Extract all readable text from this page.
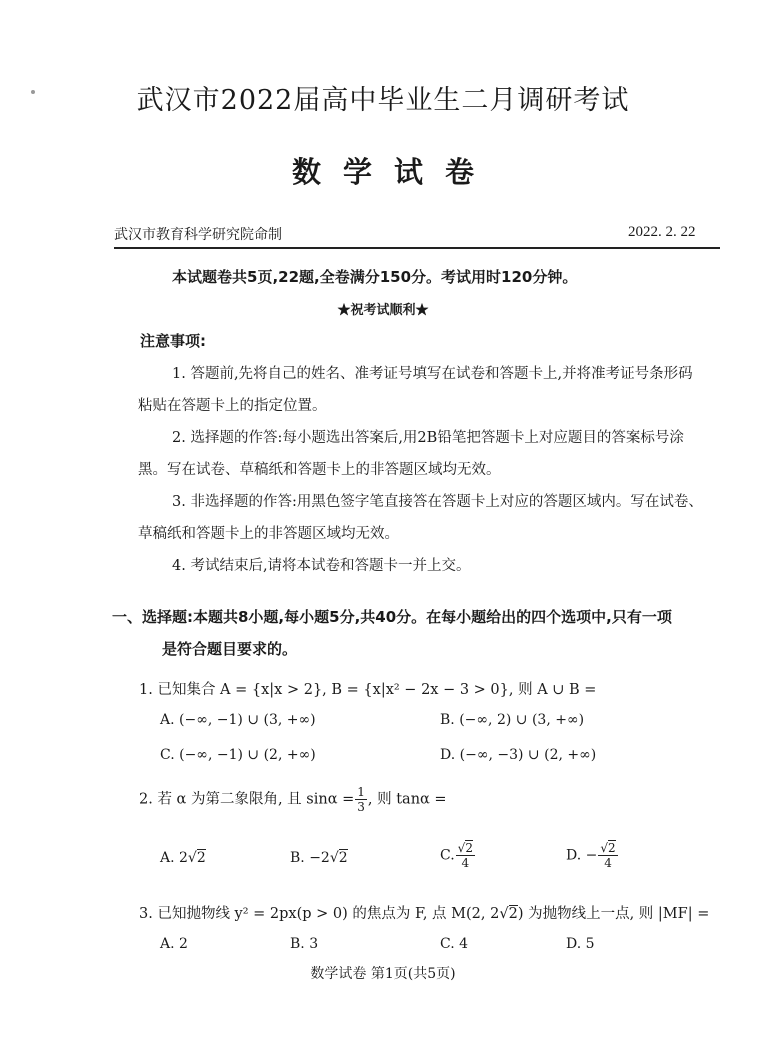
武汉市2022届高中毕业生二月调研考试
数学试卷
武汉市教育科学研究院命制	2022. 2. 22
本试题卷共5页,22题,全卷满分150分。考试用时120分钟。
★祝考试顺利★
注意事项:
1. 答题前,先将自己的姓名、准考证号填写在试卷和答题卡上,并将准考证号条形码
粘贴在答题卡上的指定位置。
2. 选择题的作答:每小题选出答案后,用2B铅笔把答题卡上对应题目的答案标号涂
黑。写在试卷、草稿纸和答题卡上的非答题区域均无效。
3. 非选择题的作答:用黑色签字笔直接答在答题卡上对应的答题区域内。写在试卷、
草稿纸和答题卡上的非答题区域均无效。
4. 考试结束后,请将本试卷和答题卡一并上交。
一、选择题:本题共8小题,每小题5分,共40分。在每小题给出的四个选项中,只有一项
是符合题目要求的。
1. 已知集合 A = {x|x > 2}, B = {x|x² − 2x − 3 > 0}, 则 A ∪ B =
A. (−∞, −1) ∪ (3, +∞)	B. (−∞, 2) ∪ (3, +∞)
C. (−∞, −1) ∪ (2, +∞)	D. (−∞, −3) ∪ (2, +∞)
2. 若 α 为第二象限角, 且 $\sin\alpha = \frac{1}{3}$ , 则 tanα =
A. 2√2	B. −2√2	C. $\frac{√2}{4}$	D. − $\frac{√2}{4}$
3. 已知抛物线 y² = 2px(p > 0) 的焦点为 F, 点 M(2, 2√2) 为抛物线上一点, 则 |MF| =
A. 2	B. 3	C. 4	D. 5
数学试卷 第1页(共5页)
